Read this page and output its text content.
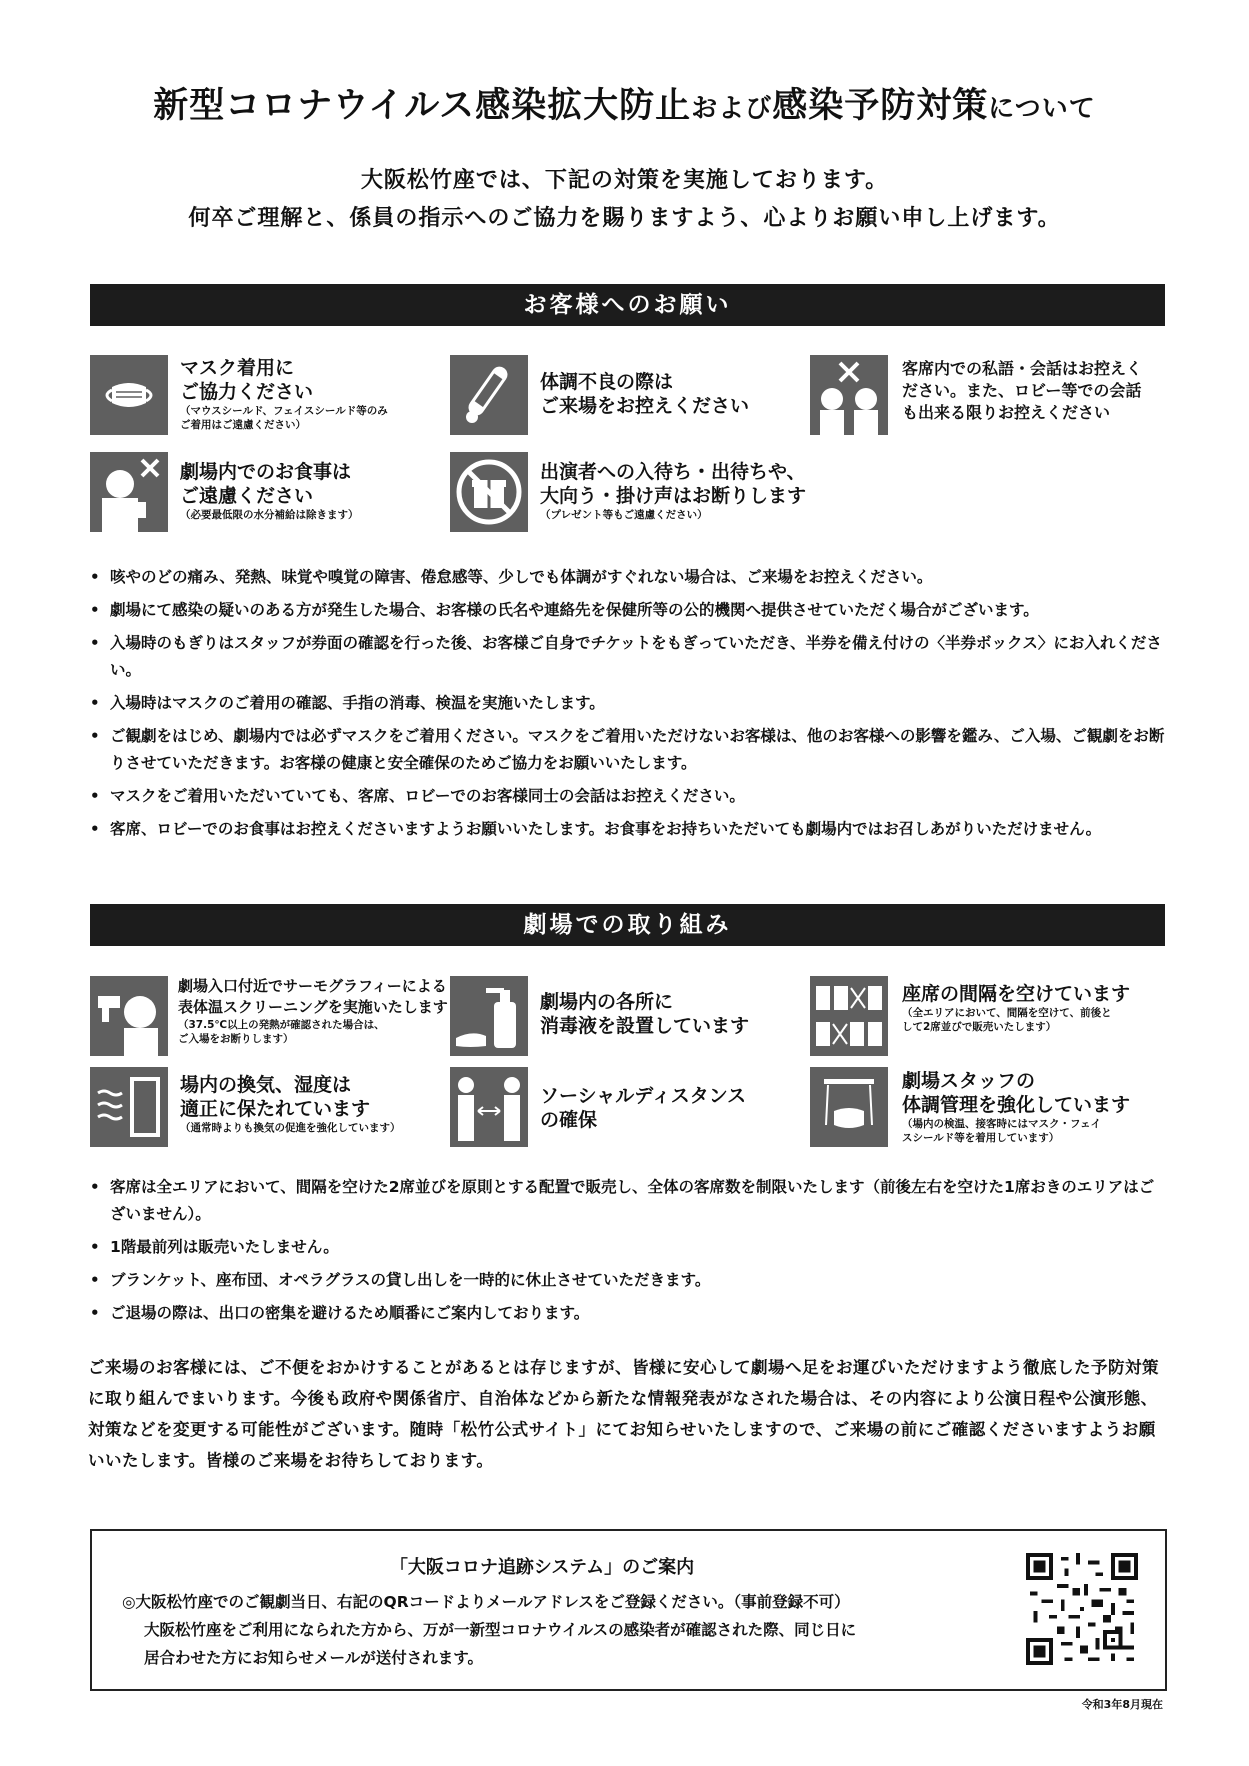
新型コロナウイルス感染拡大防止および感染予防対策について
大阪松竹座では、下記の対策を実施しております。
何卒ご理解と、係員の指示へのご協力を賜りますよう、心よりお願い申し上げます。
お客様へのお願い
マスク着用に
ご協力ください
（マウスシールド、フェイスシールド等のみ
ご着用はご遠慮ください）
体調不良の際は
ご来場をお控えください
客席内での私語・会話はお控えく
ださい。また、ロビー等での会話
も出来る限りお控えください
劇場内でのお食事は
ご遠慮ください
（必要最低限の水分補給は除きます）
出演者への入待ち・出待ちや、
大向う・掛け声はお断りします
（プレゼント等もご遠慮ください）
• 咳やのどの痛み、発熱、味覚や嗅覚の障害、倦怠感等、少しでも体調がすぐれない場合は、ご来場をお控えください。
• 劇場にて感染の疑いのある方が発生した場合、お客様の氏名や連絡先を保健所等の公的機関へ提供させていただく場合がございます。
• 入場時のもぎりはスタッフが券面の確認を行った後、お客様ご自身でチケットをもぎっていただき、半券を備え付けの〈半券ボックス〉にお入れください。
• 入場時はマスクのご着用の確認、手指の消毒、検温を実施いたします。
• ご観劇をはじめ、劇場内では必ずマスクをご着用ください。マスクをご着用いただけないお客様は、他のお客様への影響を鑑み、ご入場、ご観劇をお断りさせていただきます。お客様の健康と安全確保のためご協力をお願いいたします。
• マスクをご着用いただいていても、客席、ロビーでのお客様同士の会話はお控えください。
• 客席、ロビーでのお食事はお控えくださいますようお願いいたします。お食事をお持ちいただいても劇場内ではお召しあがりいただけません。
劇場での取り組み
劇場入口付近でサーモグラフィーによる
表体温スクリーニングを実施いたします
（37.5℃以上の発熱が確認された場合は、
ご入場をお断りします）
劇場内の各所に
消毒液を設置しています
座席の間隔を空けています
（全エリアにおいて、間隔を空けて、前後と
して2席並びで販売いたします）
場内の換気、湿度は
適正に保たれています
（通常時よりも換気の促進を強化しています）
ソーシャルディスタンス
の確保
劇場スタッフの
体調管理を強化しています
（場内の検温、接客時にはマスク・フェイ
スシールド等を着用しています）
• 客席は全エリアにおいて、間隔を空けた2席並びを原則とする配置で販売し、全体の客席数を制限いたします（前後左右を空けた1席おきのエリアはございません）。
• 1階最前列は販売いたしません。
• ブランケット、座布団、オペラグラスの貸し出しを一時的に休止させていただきます。
• ご退場の際は、出口の密集を避けるため順番にご案内しております。
ご来場のお客様には、ご不便をおかけすることがあるとは存じますが、皆様に安心して劇場へ足をお運びいただけますよう徹底した予防対策に取り組んでまいります。今後も政府や関係省庁、自治体などから新たな情報発表がなされた場合は、その内容により公演日程や公演形態、対策などを変更する可能性がございます。随時「松竹公式サイト」にてお知らせいたしますので、ご来場の前にご確認くださいますようお願いいたします。皆様のご来場をお待ちしております。
「大阪コロナ追跡システム」のご案内
◎大阪松竹座でのご観劇当日、右記のQRコードよりメールアドレスをご登録ください。（事前登録不可）
大阪松竹座をご利用になられた方から、万が一新型コロナウイルスの感染者が確認された際、同じ日に
居合わせた方にお知らせメールが送付されます。
令和3年8月現在
